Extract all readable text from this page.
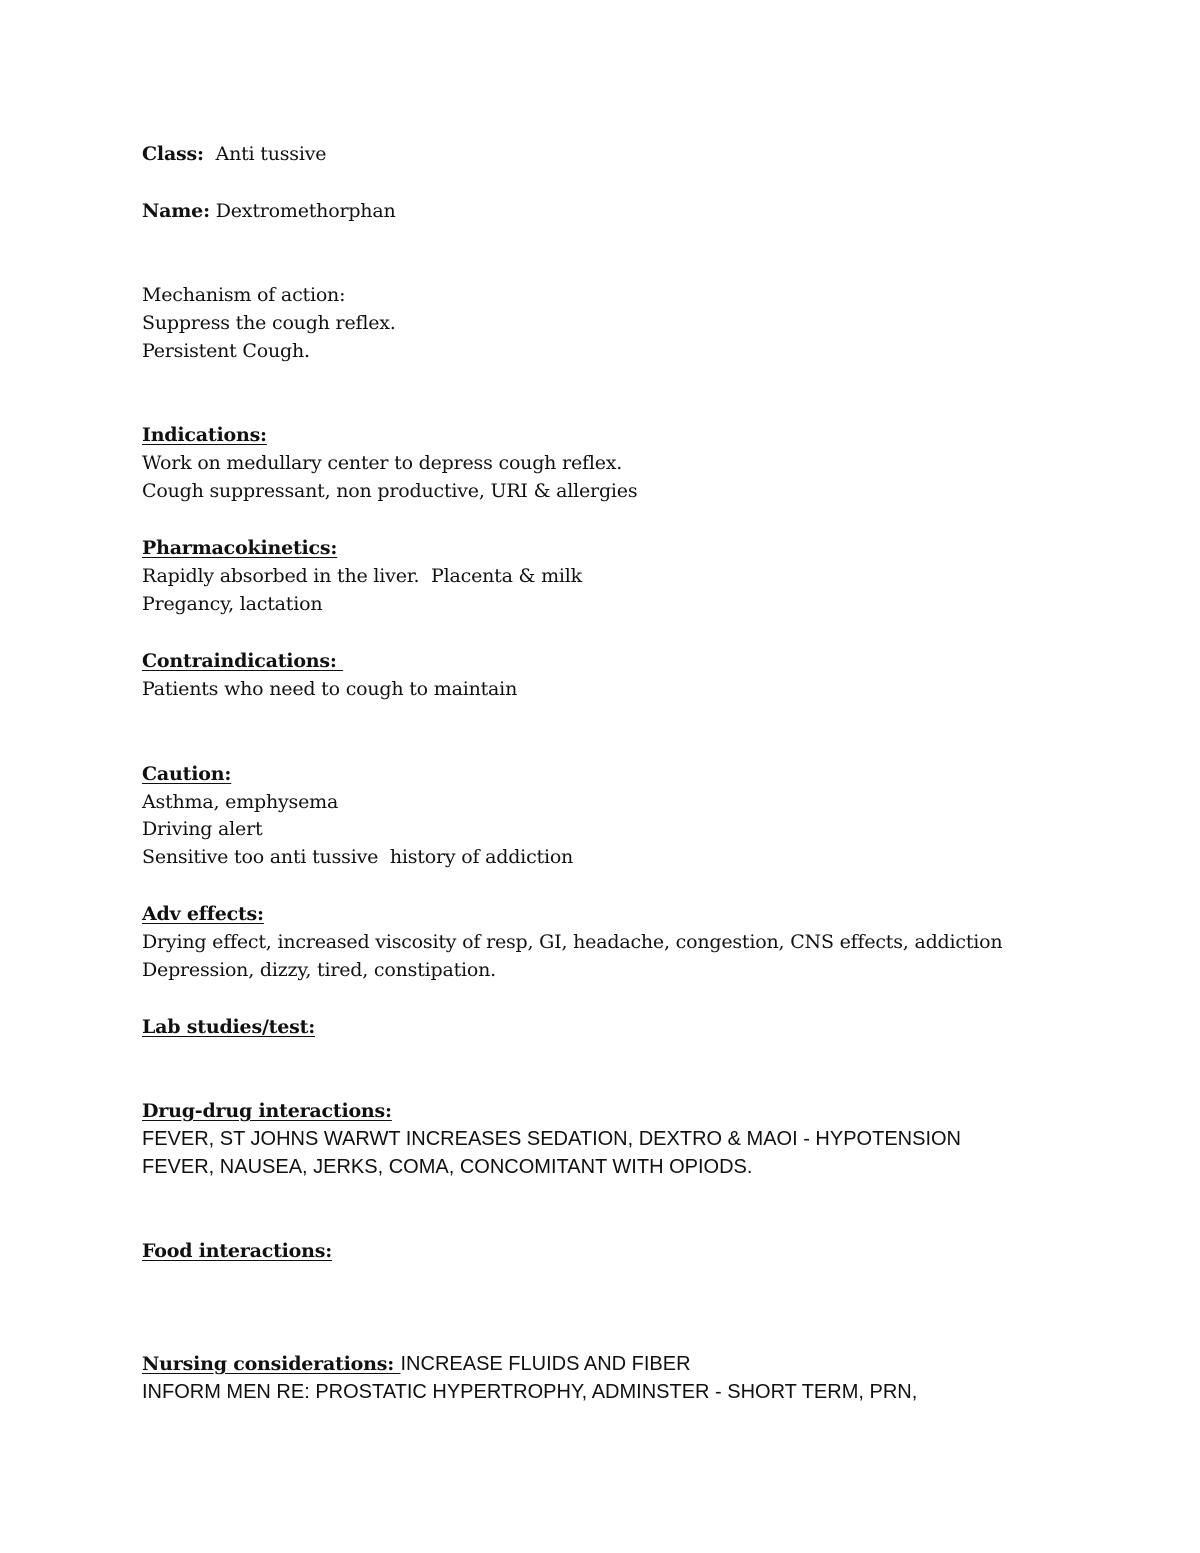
Class: Anti tussive

Name: Dextromethorphan

Mechanism of action:

Suppress the cough reflex.

Persistent Cough.

Indications:

Work on medullary center to depress cough reflex.

Cough suppressant, non productive, URI & allergies

Pharmacokinetics:

Rapidly absorbed in the liver.  Placenta & milk

Pregancy, lactation

Contraindications:

Patients who need to cough to maintain

Caution:

Asthma, emphysema

Driving alert

Sensitive too anti tussive  history of addiction

Adv effects:

Drying effect, increased viscosity of resp, GI, headache, congestion, CNS effects, addiction

Depression, dizzy, tired, constipation.

Lab studies/test:

Drug-drug interactions:

FEVER, ST JOHNS WARWT INCREASES SEDATION, DEXTRO & MAOI - HYPOTENSION

FEVER, NAUSEA, JERKS, COMA, CONCOMITANT WITH OPIODS.

Food interactions:

Nursing considerations: INCREASE FLUIDS AND FIBER

INFORM MEN RE: PROSTATIC HYPERTROPHY, ADMINSTER - SHORT TERM, PRN,
